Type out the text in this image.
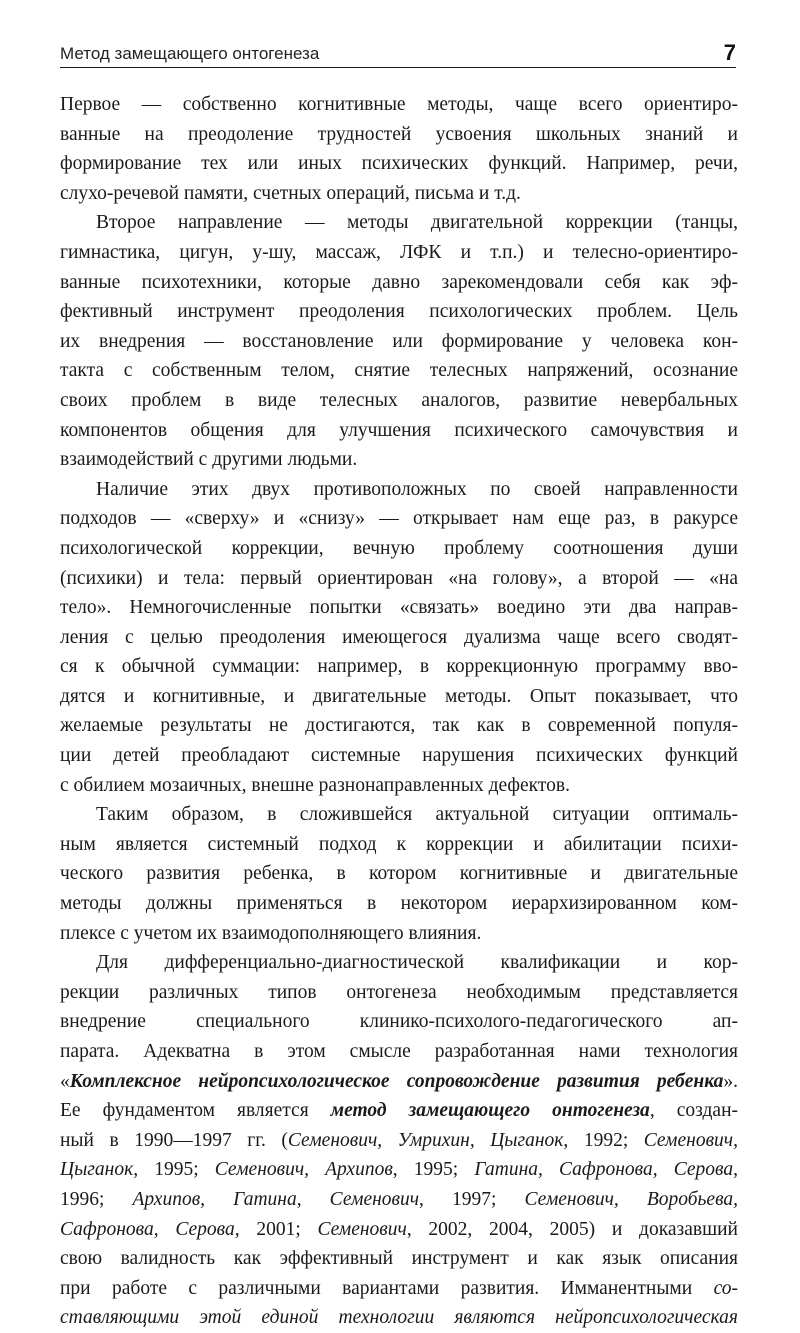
Метод замещающего онтогенеза	7
Первое — собственно когнитивные методы, чаще всего ориентиро-
ванные на преодоление трудностей усвоения школьных знаний и
формирование тех или иных психических функций. Например, речи,
слухо-речевой памяти, счетных операций, письма и т.д.
Второе направление — методы двигательной коррекции (танцы,
гимнастика, цигун, у-шу, массаж, ЛФК и т.п.) и телесно-ориентиро-
ванные психотехники, которые давно зарекомендовали себя как эф-
фективный инструмент преодоления психологических проблем. Цель
их внедрения — восстановление или формирование у человека кон-
такта с собственным телом, снятие телесных напряжений, осознание
своих проблем в виде телесных аналогов, развитие невербальных
компонентов общения для улучшения психического самочувствия и
взаимодействий с другими людьми.
Наличие этих двух противоположных по своей направленности
подходов — «сверху» и «снизу» — открывает нам еще раз, в ракурсе
психологической коррекции, вечную проблему соотношения души
(психики) и тела: первый ориентирован «на голову», а второй — «на
тело». Немногочисленные попытки «связать» воедино эти два направ-
ления с целью преодоления имеющегося дуализма чаще всего сводят-
ся к обычной суммации: например, в коррекционную программу вво-
дятся и когнитивные, и двигательные методы. Опыт показывает, что
желаемые результаты не достигаются, так как в современной популя-
ции детей преобладают системные нарушения психических функций
с обилием мозаичных, внешне разнонаправленных дефектов.
Таким образом, в сложившейся актуальной ситуации оптималь-
ным является системный подход к коррекции и абилитации психи-
ческого развития ребенка, в котором когнитивные и двигательные
методы должны применяться в некотором иерархизированном ком-
плексе с учетом их взаимодополняющего влияния.
Для дифференциально-диагностической квалификации и кор-
рекции различных типов онтогенеза необходимым представляется
внедрение специального клинико-психолого-педагогического ап-
парата. Адекватна в этом смысле разработанная нами технология
«Комплексное нейропсихологическое сопровождение развития ребенка».
Ее фундаментом является метод замещающего онтогенеза, создан-
ный в 1990—1997 гг. (Семенович, Умрихин, Цыганок, 1992; Семенович,
Цыганок, 1995; Семенович, Архипов, 1995; Гатина, Сафронова, Серова,
1996; Архипов, Гатина, Семенович, 1997; Семенович, Воробьева,
Сафронова, Серова, 2001; Семенович, 2002, 2004, 2005) и доказавший
свою валидность как эффективный инструмент и как язык описания
при работе с различными вариантами развития. Имманентными со-
ставляющими этой единой технологии являются нейропсихологическая
